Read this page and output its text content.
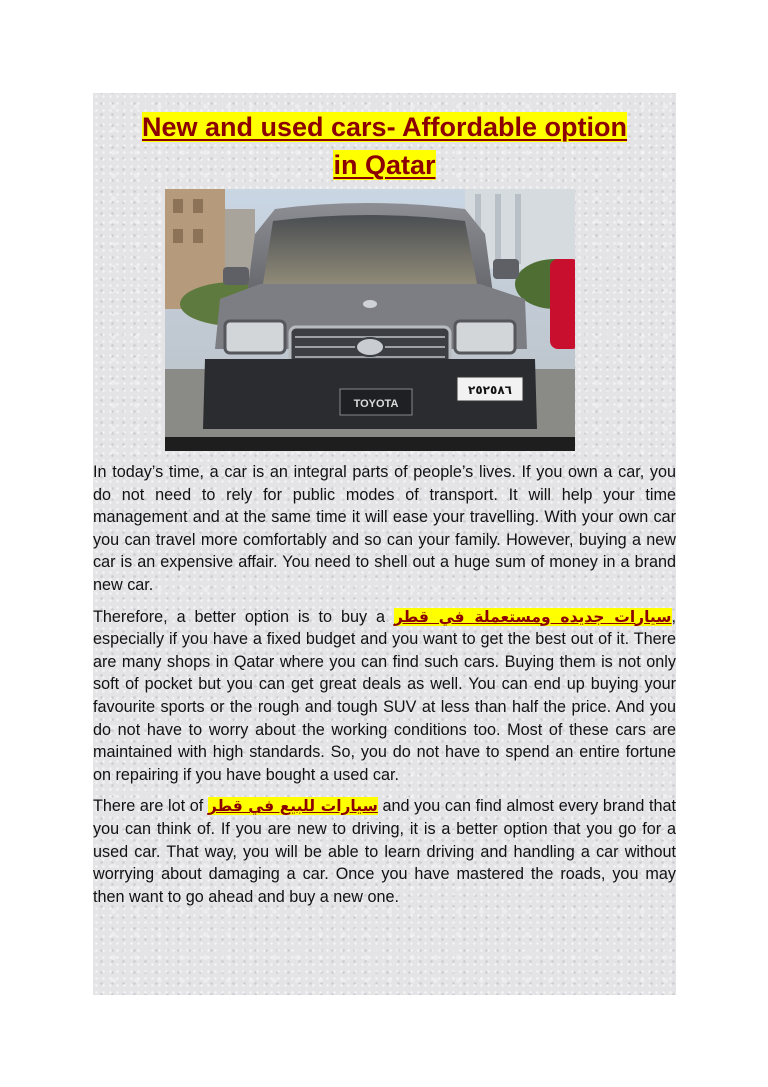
New and used cars- Affordable option
in Qatar
TOYOTA
٢٥٢٥٨٦

In today’s time, a car is an integral parts of people’s lives. If you own a car, you do not need to rely for public modes of transport. It will help your time management and at the same time it will ease your travelling. With your own car you can travel more comfortably and so can your family. However, buying a new car is an expensive affair. You need to shell out a huge sum of money in a brand new car.

Therefore, a better option is to buy a سيارات جديده ومستعملة في قطر, especially if you have a fixed budget and you want to get the best out of it. There are many shops in Qatar where you can find such cars. Buying them is not only soft of pocket but you can get great deals as well. You can end up buying your favourite sports or the rough and tough SUV at less than half the price. And you do not have to worry about the working conditions too. Most of these cars are maintained with high standards. So, you do not have to spend an entire fortune on repairing if you have bought a used car.

There are lot of سيارات للبيع في قطر and you can find almost every brand that you can think of. If you are new to driving, it is a better option that you go for a used car. That way, you will be able to learn driving and handling a car without worrying about damaging a car. Once you have mastered the roads, you may then want to go ahead and buy a new one.
